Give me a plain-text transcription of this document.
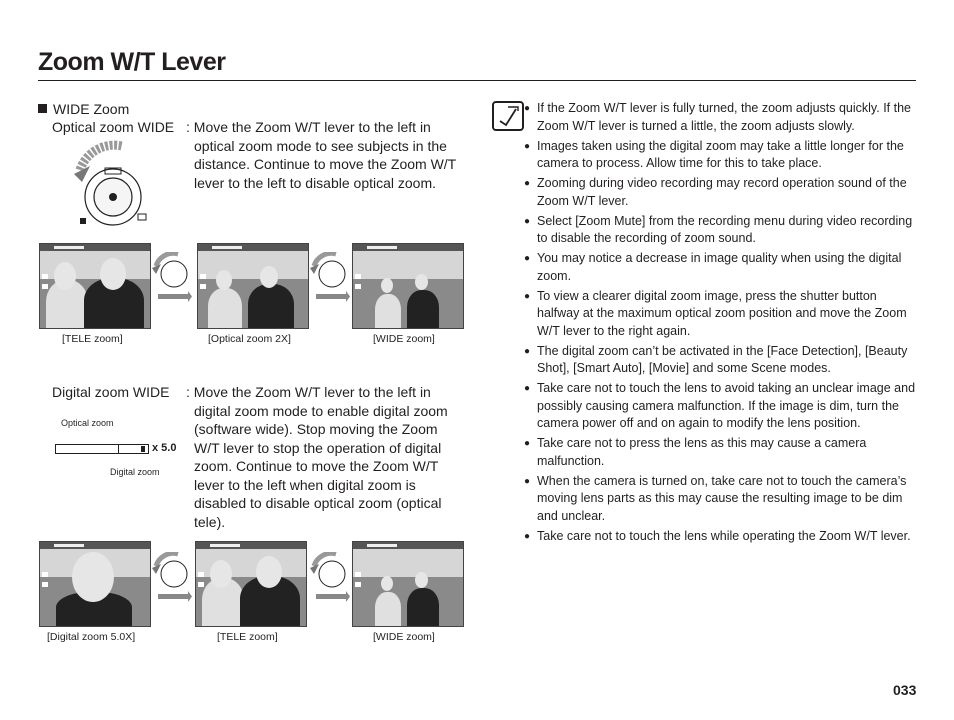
Zoom W/T Lever
WIDE Zoom
Optical zoom WIDE : Move the Zoom W/T lever to the left in optical zoom mode to see subjects in the distance. Continue to move the Zoom W/T lever to the left to disable optical zoom.
[TELE zoom]	[Optical zoom 2X]	[WIDE zoom]
Digital zoom WIDE : Move the Zoom W/T lever to the left in digital zoom mode to enable digital zoom (software wide). Stop moving the Zoom W/T lever to stop the operation of digital zoom. Continue to move the Zoom W/T lever to the left when digital zoom is disabled to disable optical zoom (optical tele).
Optical zoom
x 5.0
Digital zoom
[Digital zoom 5.0X]	[TELE zoom]	[WIDE zoom]
● If the Zoom W/T lever is fully turned, the zoom adjusts quickly. If the Zoom W/T lever is turned a little, the zoom adjusts slowly.
● Images taken using the digital zoom may take a little longer for the camera to process. Allow time for this to take place.
● Zooming during video recording may record operation sound of the Zoom W/T lever.
● Select [Zoom Mute] from the recording menu during video recording to disable the recording of zoom sound.
● You may notice a decrease in image quality when using the digital zoom.
● To view a clearer digital zoom image, press the shutter button halfway at the maximum optical zoom position and move the Zoom W/T lever to the right again.
● The digital zoom can’t be activated in the [Face Detection], [Beauty Shot], [Smart Auto], [Movie] and some Scene modes.
● Take care not to touch the lens to avoid taking an unclear image and possibly causing camera malfunction. If the image is dim, turn the camera power off and on again to modify the lens position.
● Take care not to press the lens as this may cause a camera malfunction.
● When the camera is turned on, take care not to touch the camera’s moving lens parts as this may cause the resulting image to be dim and unclear.
● Take care not to touch the lens while operating the Zoom W/T lever.
033
